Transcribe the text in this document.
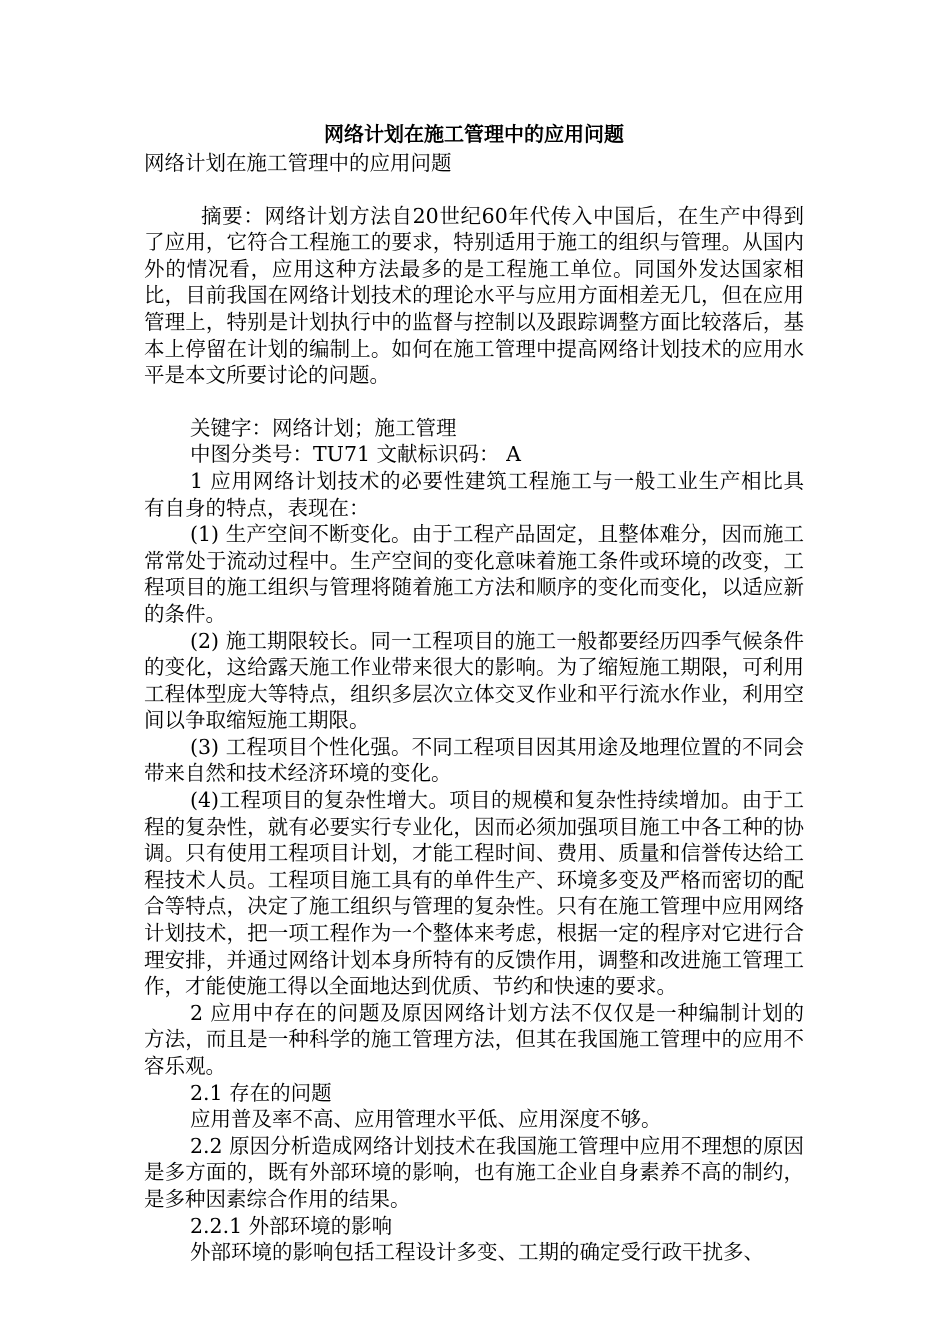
网络计划在施工管理中的应用问题

网络计划在施工管理中的应用问题

摘要：网络计划方法自20世纪60年代传入中国后，在生产中得到了应用，它符合工程施工的要求，特别适用于施工的组织与管理。从国内外的情况看，应用这种方法最多的是工程施工单位。同国外发达国家相比，目前我国在网络计划技术的理论水平与应用方面相差无几，但在应用管理上，特别是计划执行中的监督与控制以及跟踪调整方面比较落后，基本上停留在计划的编制上。如何在施工管理中提高网络计划技术的应用水平是本文所要讨论的问题。

关键字：网络计划；施工管理

中图分类号：TU71 文献标识码： A

1 应用网络计划技术的必要性建筑工程施工与一般工业生产相比具有自身的特点，表现在：

(1) 生产空间不断变化。由于工程产品固定，且整体难分，因而施工常常处于流动过程中。生产空间的变化意味着施工条件或环境的改变，工程项目的施工组织与管理将随着施工方法和顺序的变化而变化，以适应新的条件。

(2) 施工期限较长。同一工程项目的施工一般都要经历四季气候条件的变化，这给露天施工作业带来很大的影响。为了缩短施工期限，可利用工程体型庞大等特点，组织多层次立体交叉作业和平行流水作业，利用空间以争取缩短施工期限。

(3) 工程项目个性化强。不同工程项目因其用途及地理位置的不同会带来自然和技术经济环境的变化。

(4)工程项目的复杂性增大。项目的规模和复杂性持续增加。由于工程的复杂性，就有必要实行专业化，因而必须加强项目施工中各工种的协调。只有使用工程项目计划，才能工程时间、费用、质量和信誉传达给工程技术人员。工程项目施工具有的单件生产、环境多变及严格而密切的配合等特点，决定了施工组织与管理的复杂性。只有在施工管理中应用网络计划技术，把一项工程作为一个整体来考虑，根据一定的程序对它进行合理安排，并通过网络计划本身所特有的反馈作用，调整和改进施工管理工作，才能使施工得以全面地达到优质、节约和快速的要求。

2 应用中存在的问题及原因网络计划方法不仅仅是一种编制计划的方法，而且是一种科学的施工管理方法，但其在我国施工管理中的应用不容乐观。

2.1 存在的问题

应用普及率不高、应用管理水平低、应用深度不够。

2.2 原因分析造成网络计划技术在我国施工管理中应用不理想的原因是多方面的，既有外部环境的影响，也有施工企业自身素养不高的制约，是多种因素综合作用的结果。

2.2.1 外部环境的影响

外部环境的影响包括工程设计多变、工期的确定受行政干扰多、
